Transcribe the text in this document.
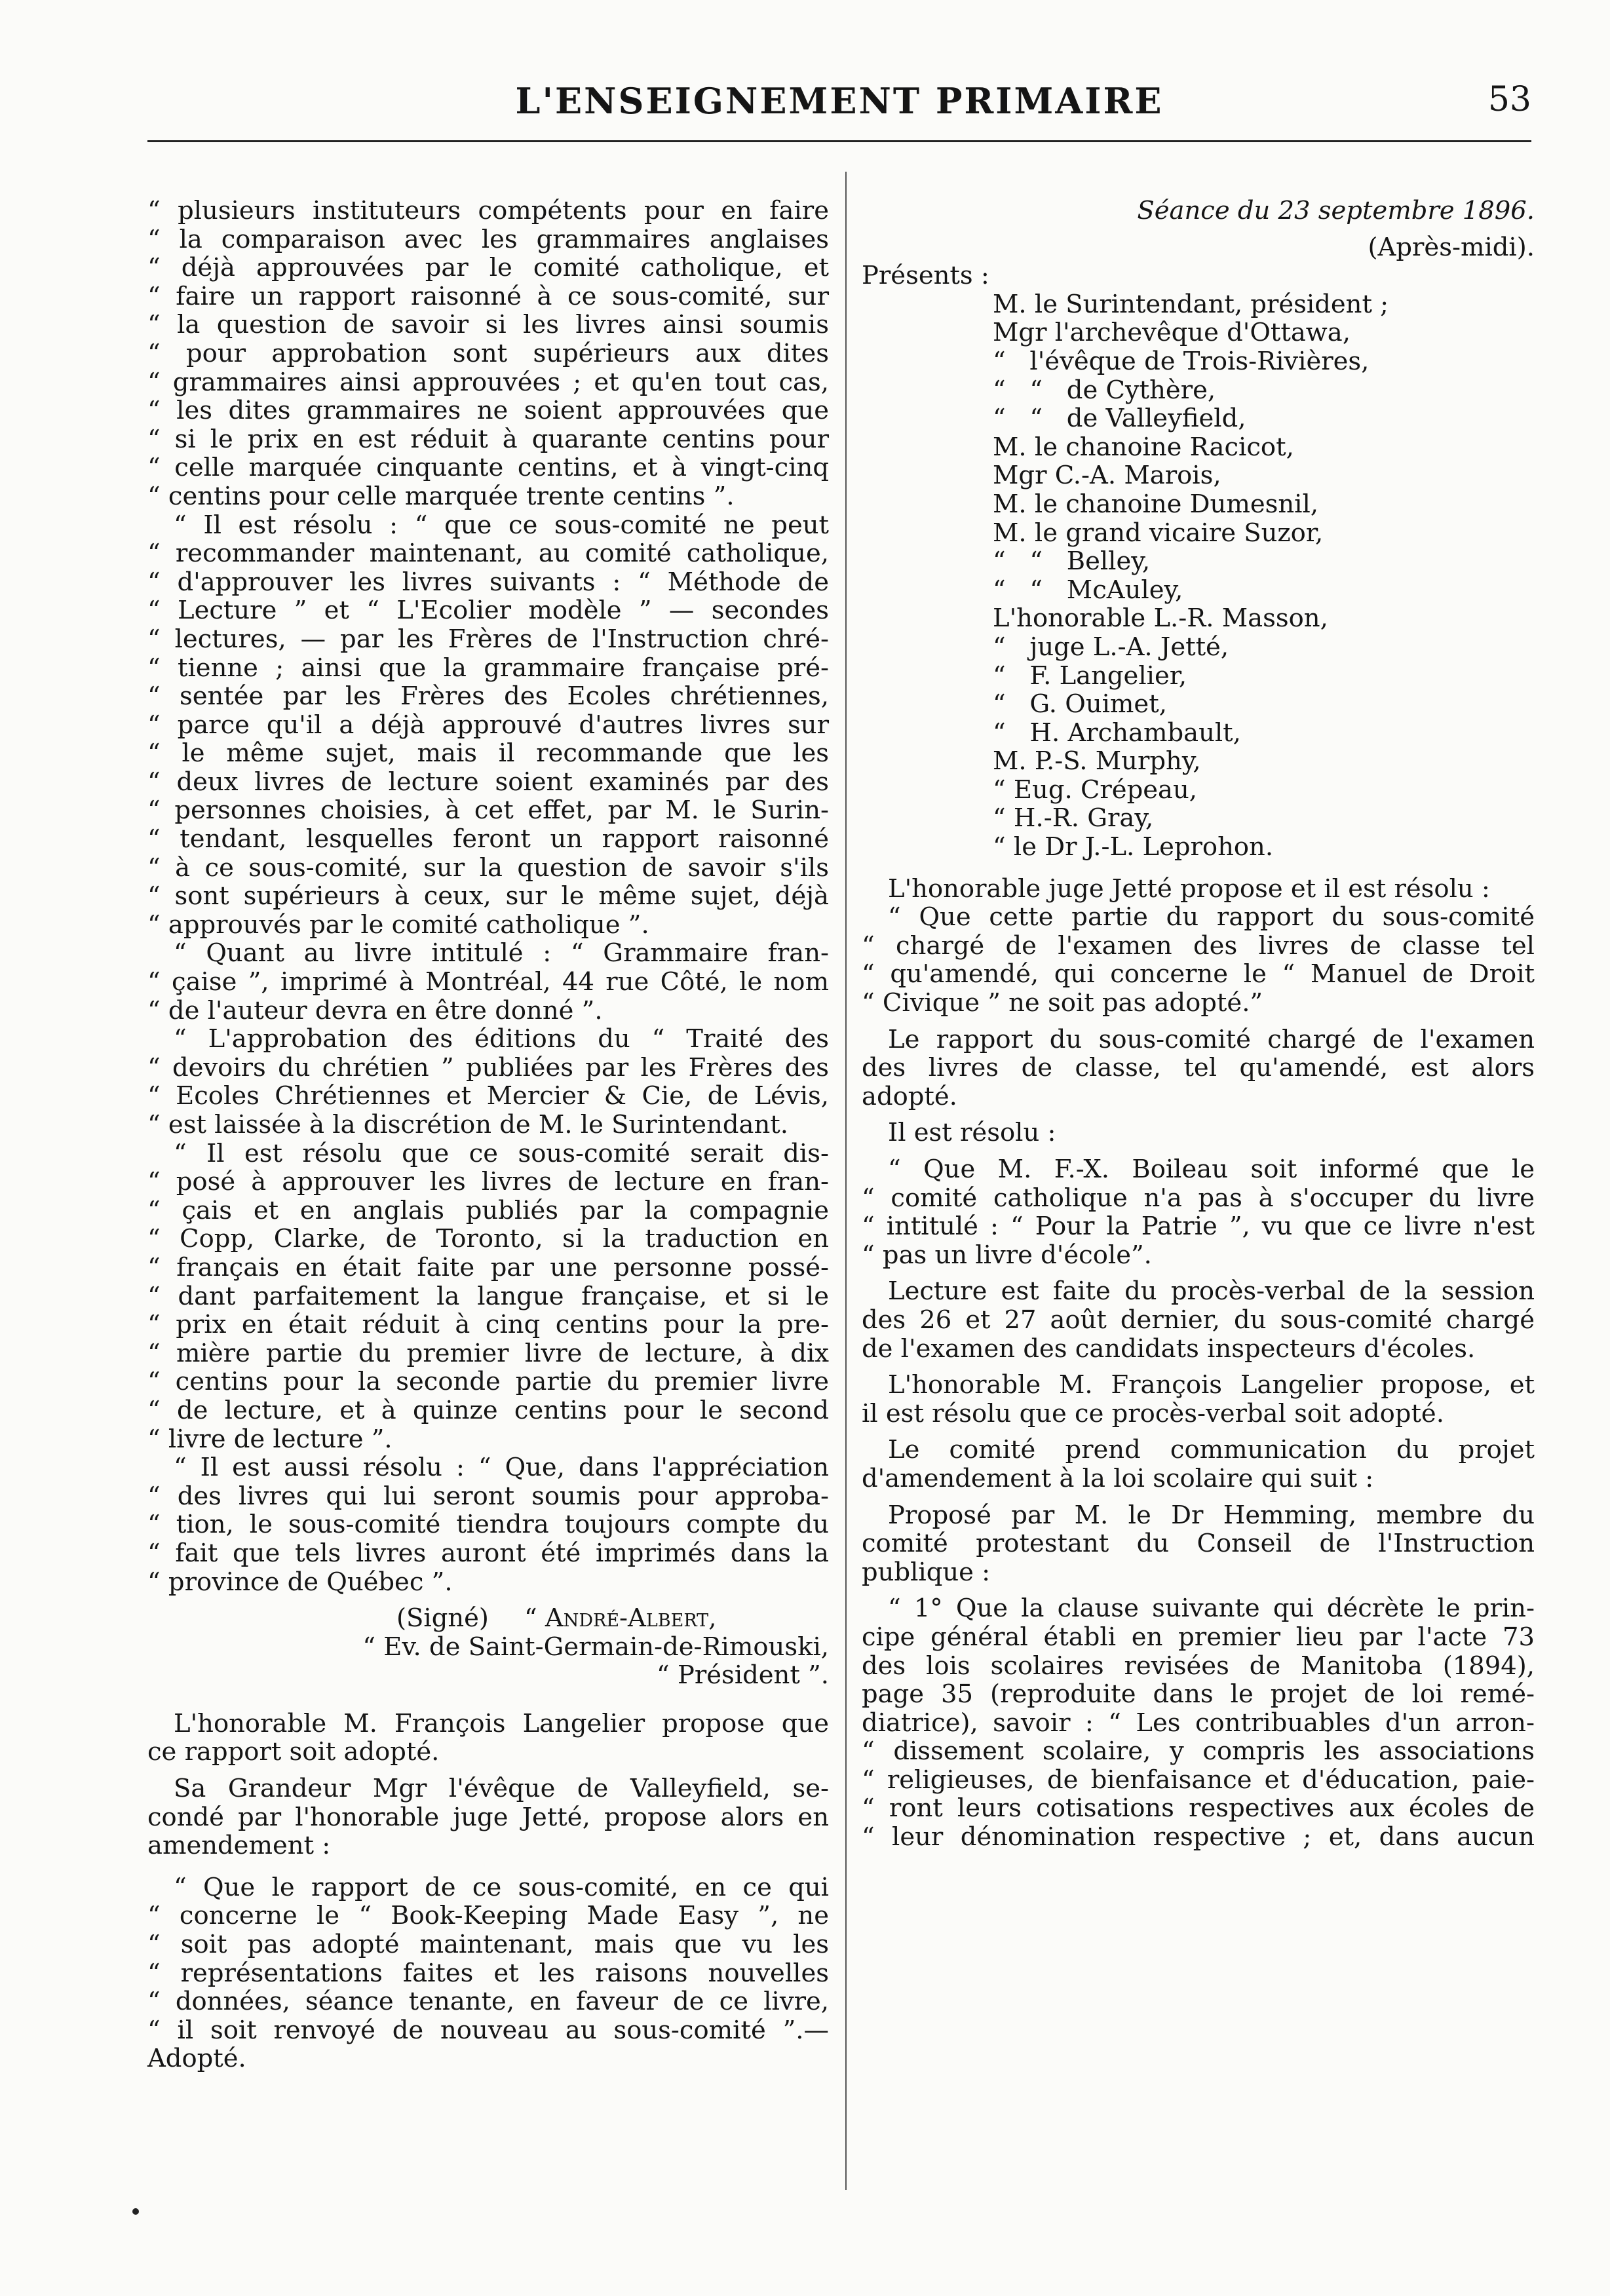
L'ENSEIGNEMENT PRIMAIRE	53

“ plusieurs instituteurs compétents pour en faire

“ la comparaison avec les grammaires anglaises

“ déjà approuvées par le comité catholique, et

“ faire un rapport raisonné à ce sous-comité, sur

“ la question de savoir si les livres ainsi soumis

“ pour approbation sont supérieurs aux dites

“ grammaires ainsi approuvées ; et qu'en tout cas,

“ les dites grammaires ne soient approuvées que

“ si le prix en est réduit à quarante centins pour

“ celle marquée cinquante centins, et à vingt-cinq

“ centins pour celle marquée trente centins ”.

“ Il est résolu : “ que ce sous-comité ne peut

“ recommander maintenant, au comité catholique,

“ d'approuver les livres suivants : “ Méthode de

“ Lecture ” et “ L'Ecolier modèle ” — secondes

“ lectures, — par les Frères de l'Instruction chré-

“ tienne ; ainsi que la grammaire française pré-

“ sentée par les Frères des Ecoles chrétiennes,

“ parce qu'il a déjà approuvé d'autres livres sur

“ le même sujet, mais il recommande que les

“ deux livres de lecture soient examinés par des

“ personnes choisies, à cet effet, par M. le Surin-

“ tendant, lesquelles feront un rapport raisonné

“ à ce sous-comité, sur la question de savoir s'ils

“ sont supérieurs à ceux, sur le même sujet, déjà

“ approuvés par le comité catholique ”.

“ Quant au livre intitulé : “ Grammaire fran-

“ çaise ”, imprimé à Montréal, 44 rue Côté, le nom

“ de l'auteur devra en être donné ”.

“ L'approbation des éditions du “ Traité des

“ devoirs du chrétien ” publiées par les Frères des

“ Ecoles Chrétiennes et Mercier & Cie, de Lévis,

“ est laissée à la discrétion de M. le Surintendant.

“ Il est résolu que ce sous-comité serait dis-

“ posé à approuver les livres de lecture en fran-

“ çais et en anglais publiés par la compagnie

“ Copp, Clarke, de Toronto, si la traduction en

“ français en était faite par une personne possé-

“ dant parfaitement la langue française, et si le

“ prix en était réduit à cinq centins pour la pre-

“ mière partie du premier livre de lecture, à dix

“ centins pour la seconde partie du premier livre

“ de lecture, et à quinze centins pour le second

“ livre de lecture ”.

“ Il est aussi résolu : “ Que, dans l'appréciation

“ des livres qui lui seront soumis pour approba-

“ tion, le sous-comité tiendra toujours compte du

“ fait que tels livres auront été imprimés dans la

“ province de Québec ”.

(Signé) “ André-Albert,
“ Ev. de Saint-Germain-de-Rimouski,
“ Président ”.

L'honorable M. François Langelier propose que

ce rapport soit adopté.

Sa Grandeur Mgr l'évêque de Valleyfield, se-

condé par l'honorable juge Jetté, propose alors en

amendement :

“ Que le rapport de ce sous-comité, en ce qui

“ concerne le “ Book-Keeping Made Easy ”, ne

“ soit pas adopté maintenant, mais que vu les

“ représentations faites et les raisons nouvelles

“ données, séance tenante, en faveur de ce livre,

“ il soit renvoyé de nouveau au sous-comité ”.—

Adopté.

Séance du 23 septembre 1896.

(Après-midi).

Présents :

M. le Surintendant, président ;

Mgr l'archevêque d'Ottawa,

“   l'évêque de Trois-Rivières,

“   “   de Cythère,

“   “   de Valleyfield,

M. le chanoine Racicot,

Mgr C.-A. Marois,

M. le chanoine Dumesnil,

M. le grand vicaire Suzor,

“   “   Belley,

“   “   McAuley,

L'honorable L.-R. Masson,

“   juge L.-A. Jetté,

“   F. Langelier,

“   G. Ouimet,

“   H. Archambault,

M. P.-S. Murphy,

“ Eug. Crépeau,

“ H.-R. Gray,

“ le Dr J.-L. Leprohon.

L'honorable juge Jetté propose et il est résolu :

“ Que cette partie du rapport du sous-comité

“ chargé de l'examen des livres de classe tel

“ qu'amendé, qui concerne le “ Manuel de Droit

“ Civique ” ne soit pas adopté.”

Le rapport du sous-comité chargé de l'examen

des livres de classe, tel qu'amendé, est alors

adopté.

Il est résolu :

“ Que M. F.-X. Boileau soit informé que le

“ comité catholique n'a pas à s'occuper du livre

“ intitulé : “ Pour la Patrie ”, vu que ce livre n'est

“ pas un livre d'école”.

Lecture est faite du procès-verbal de la session

des 26 et 27 août dernier, du sous-comité chargé

de l'examen des candidats inspecteurs d'écoles.

L'honorable M. François Langelier propose, et

il est résolu que ce procès-verbal soit adopté.

Le comité prend communication du projet

d'amendement à la loi scolaire qui suit :

Proposé par M. le Dr Hemming, membre du

comité protestant du Conseil de l'Instruction

publique :

“ 1° Que la clause suivante qui décrète le prin-

cipe général établi en premier lieu par l'acte 73

des lois scolaires revisées de Manitoba (1894),

page 35 (reproduite dans le projet de loi remé-

diatrice), savoir : “ Les contribuables d'un arron-

“ dissement scolaire, y compris les associations

“ religieuses, de bienfaisance et d'éducation, paie-

“ ront leurs cotisations respectives aux écoles de

“ leur dénomination respective ; et, dans aucun
